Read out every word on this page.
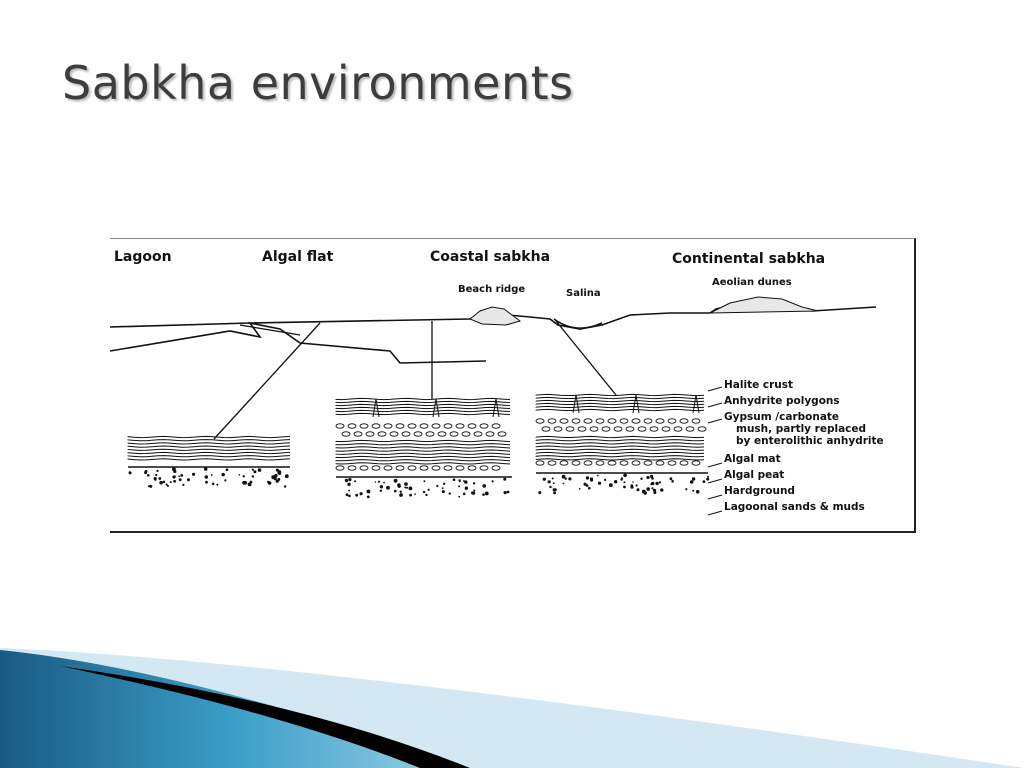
Sabkha environments
Lagoon	Algal flat	Coastal sabkha	Continental sabkha
Beach ridge	Salina
Aeolian dunes
Halite crust
Anhydrite polygons
Gypsum /carbonate
mush, partly replaced
by enterolithic anhydrite
Algal mat
Algal peat
Hardground
Lagoonal sands & muds
